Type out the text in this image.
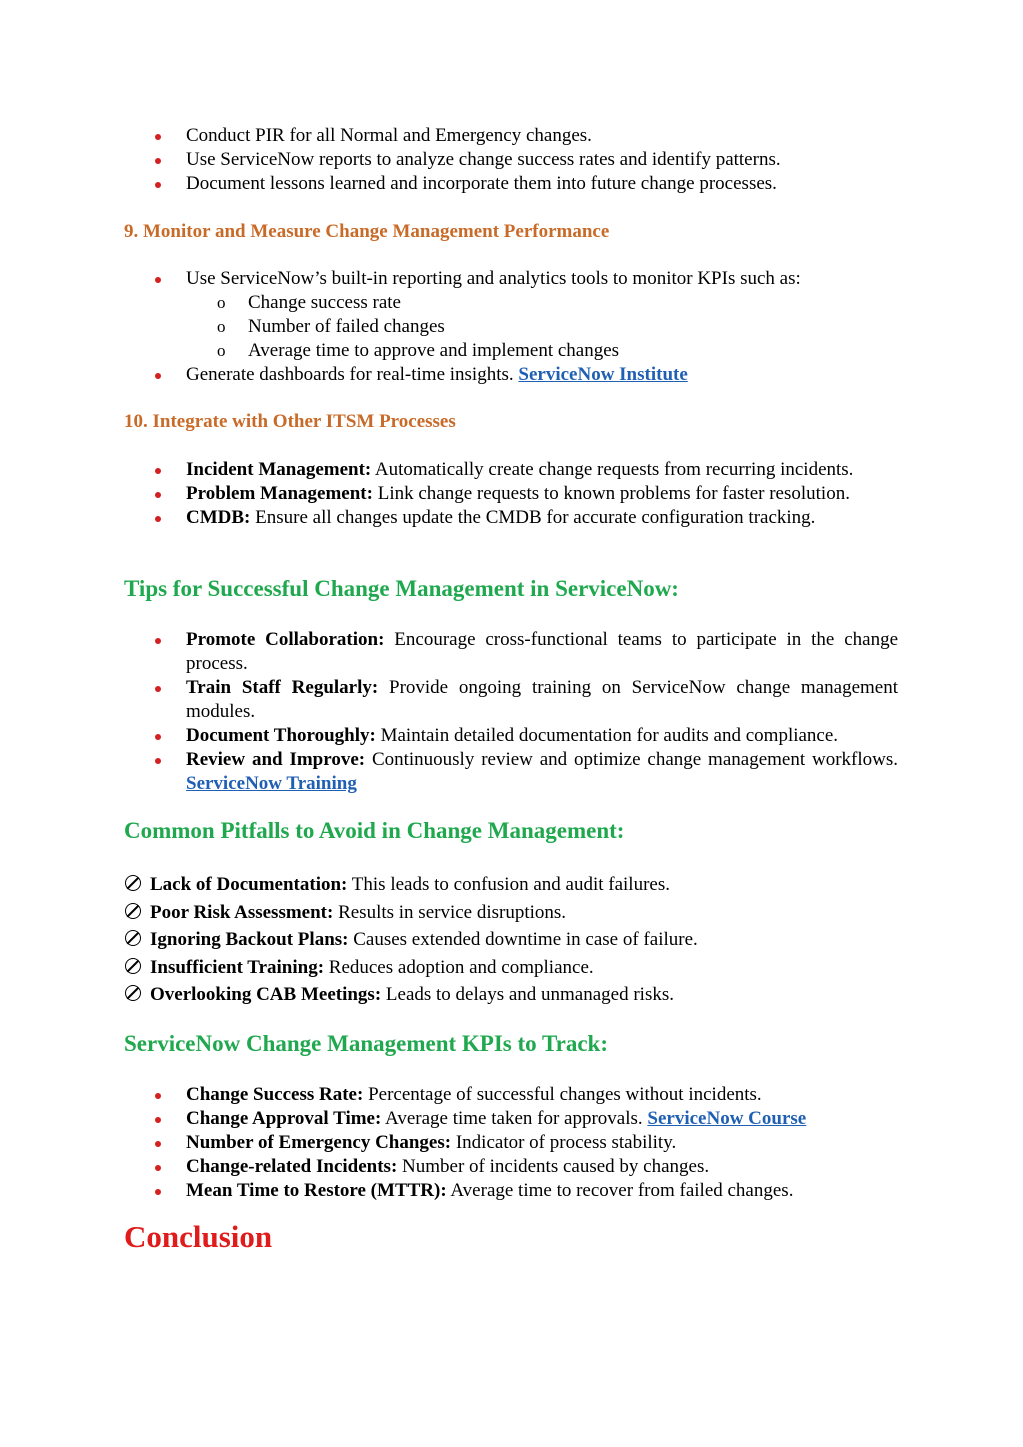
Conduct PIR for all Normal and Emergency changes.
Use ServiceNow reports to analyze change success rates and identify patterns.
Document lessons learned and incorporate them into future change processes.
9. Monitor and Measure Change Management Performance
Use ServiceNow’s built-in reporting and analytics tools to monitor KPIs such as:
o Change success rate
o Number of failed changes
o Average time to approve and implement changes
Generate dashboards for real-time insights. ServiceNow Institute
10. Integrate with Other ITSM Processes
Incident Management: Automatically create change requests from recurring incidents.
Problem Management: Link change requests to known problems for faster resolution.
CMDB: Ensure all changes update the CMDB for accurate configuration tracking.
Tips for Successful Change Management in ServiceNow:
Promote Collaboration: Encourage cross-functional teams to participate in the change process.
Train Staff Regularly: Provide ongoing training on ServiceNow change management modules.
Document Thoroughly: Maintain detailed documentation for audits and compliance.
Review and Improve: Continuously review and optimize change management workflows. ServiceNow Training
Common Pitfalls to Avoid in Change Management:
Lack of Documentation: This leads to confusion and audit failures.
Poor Risk Assessment: Results in service disruptions.
Ignoring Backout Plans: Causes extended downtime in case of failure.
Insufficient Training: Reduces adoption and compliance.
Overlooking CAB Meetings: Leads to delays and unmanaged risks.
ServiceNow Change Management KPIs to Track:
Change Success Rate: Percentage of successful changes without incidents.
Change Approval Time: Average time taken for approvals. ServiceNow Course
Number of Emergency Changes: Indicator of process stability.
Change-related Incidents: Number of incidents caused by changes.
Mean Time to Restore (MTTR): Average time to recover from failed changes.
Conclusion
